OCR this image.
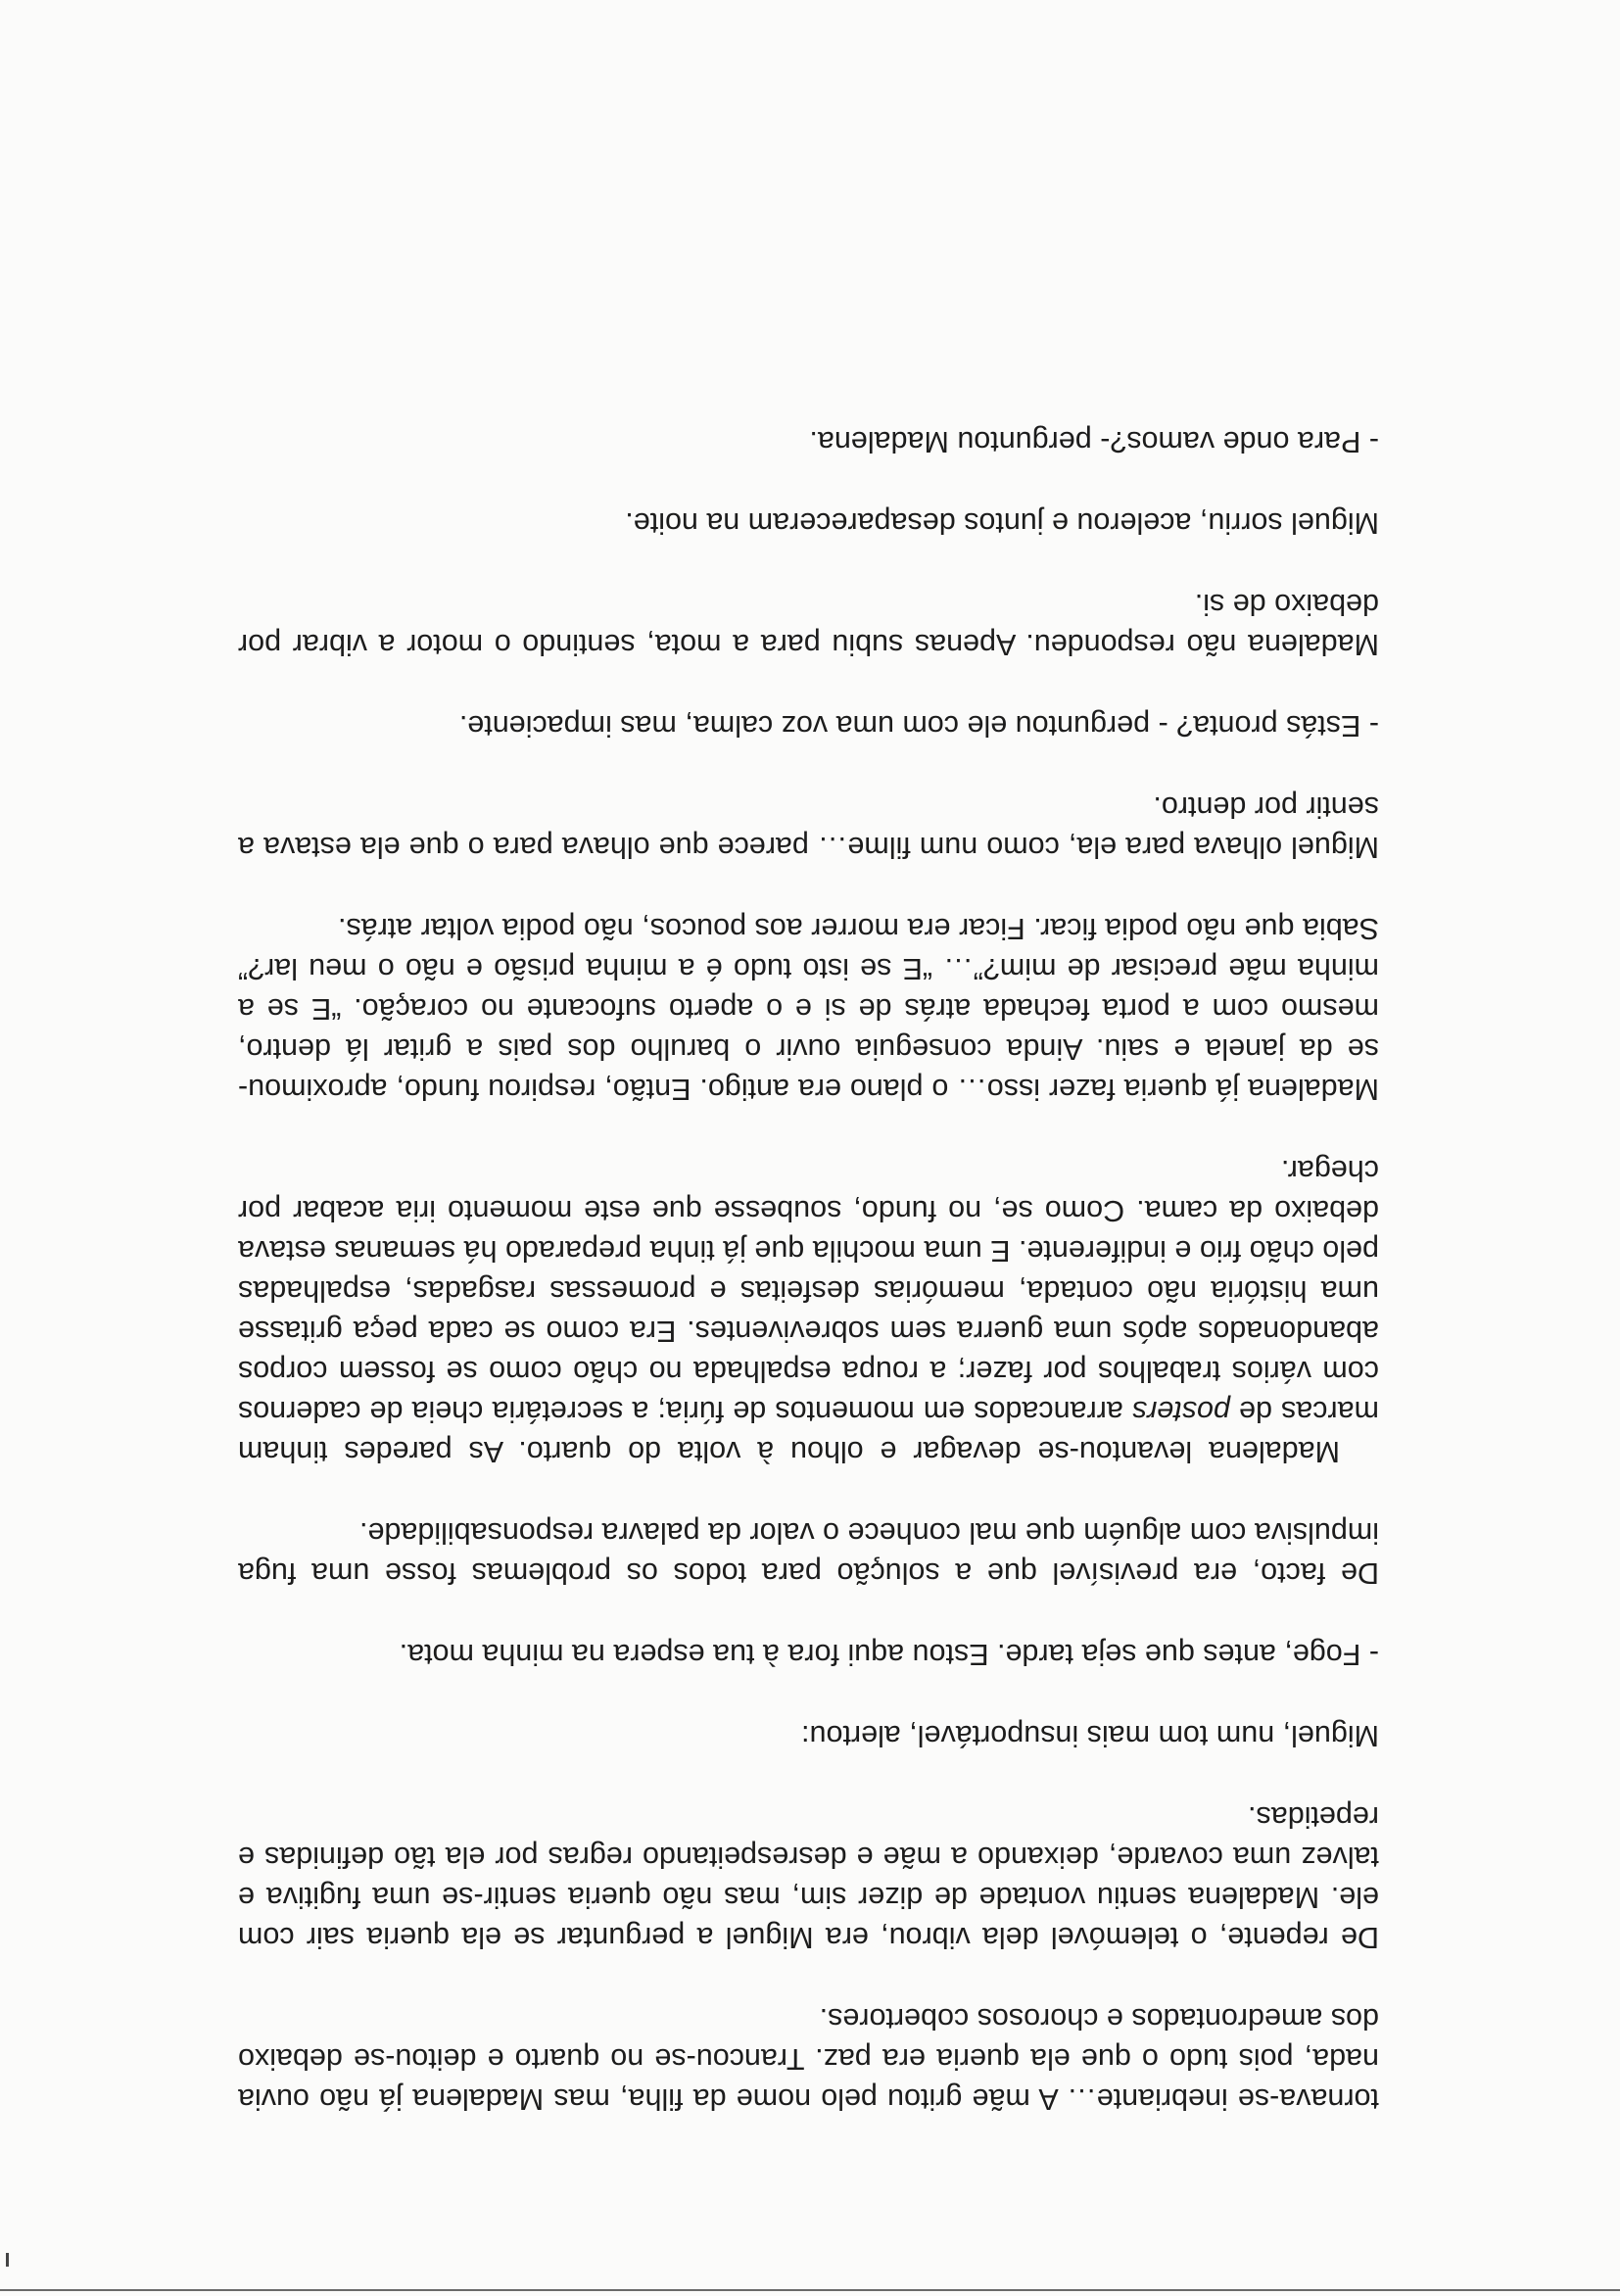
tornava-se inebriante… A mãe gritou pelo nome da filha, mas Madalena já não ouvia nada, pois tudo o que ela queria era paz. Trancou-se no quarto e deitou-se debaixo dos amedrontados e chorosos cobertores.

De repente, o telemóvel dela vibrou, era Miguel a perguntar se ela queria sair com ele. Madalena sentiu vontade de dizer sim, mas não queria sentir-se uma fugitiva e talvez uma covarde, deixando a mãe e desrespeitando regras por ela tão definidas e repetidas.

Miguel, num tom mais insuportável, alertou:

- Foge, antes que seja tarde. Estou aqui fora à tua espera na minha mota.

De facto, era previsível que a solução para todos os problemas fosse uma fuga impulsiva com alguém que mal conhece o valor da palavra responsabilidade.

Madalena levantou-se devagar e olhou à volta do quarto. As paredes tinham marcas de posters arrancados em momentos de fúria; a secretária cheia de cadernos com vários trabalhos por fazer; a roupa espalhada no chão como se fossem corpos abandonados após uma guerra sem sobreviventes. Era como se cada peça gritasse uma história não contada, memórias desfeitas e promessas rasgadas, espalhadas pelo chão frio e indiferente. E uma mochila que já tinha preparado há semanas estava debaixo da cama. Como se, no fundo, soubesse que este momento iria acabar por chegar.

Madalena já queria fazer isso… o plano era antigo. Então, respirou fundo, aproximou-se da janela e saiu. Ainda conseguia ouvir o barulho dos pais a gritar lá dentro, mesmo com a porta fechada atrás de si e o aperto sufocante no coração. “E se a minha mãe precisar de mim?”… “E se isto tudo é a minha prisão e não o meu lar?” Sabia que não podia ficar. Ficar era morrer aos poucos, não podia voltar atrás.

Miguel olhava para ela, como num filme… parece que olhava para o que ela estava a sentir por dentro.

- Estás pronta? - perguntou ele com uma voz calma, mas impaciente.

Madalena não respondeu. Apenas subiu para a mota, sentindo o motor a vibrar por debaixo de si.

Miguel sorriu, acelerou e juntos desapareceram na noite.

- Para onde vamos?- perguntou Madalena.
